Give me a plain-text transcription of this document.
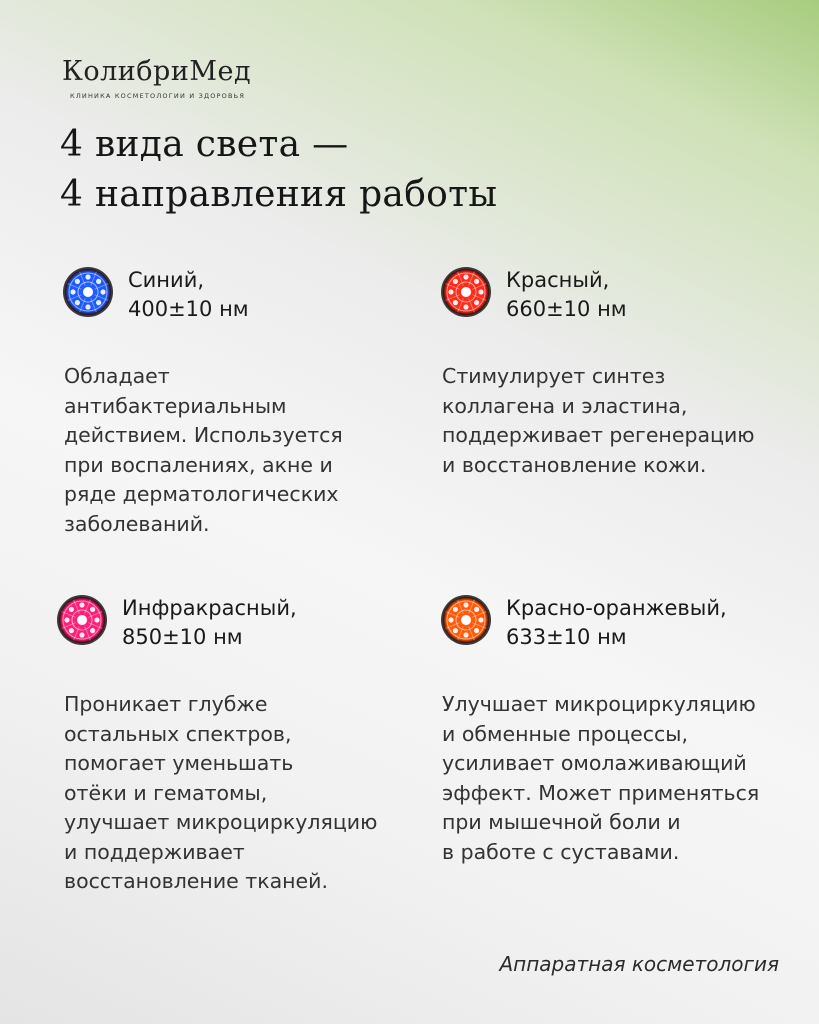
КолибриМед
КЛИНИКА КОСМЕТОЛОГИИ И ЗДОРОВЬЯ
4 вида света —
4 направления работы
Синий,
400±10 нм
Обладает
антибактериальным
действием. Используется
при воспалениях, акне и
ряде дерматологических
заболеваний.
Красный,
660±10 нм
Стимулирует синтез
коллагена и эластина,
поддерживает регенерацию
и восстановление кожи.
Инфракрасный,
850±10 нм
Проникает глубже
остальных спектров,
помогает уменьшать
отёки и гематомы,
улучшает микроциркуляцию
и поддерживает
восстановление тканей.
Красно-оранжевый,
633±10 нм
Улучшает микроциркуляцию
и обменные процессы,
усиливает омолаживающий
эффект. Может применяться
при мышечной боли и
в работе с суставами.
Аппаратная косметология
